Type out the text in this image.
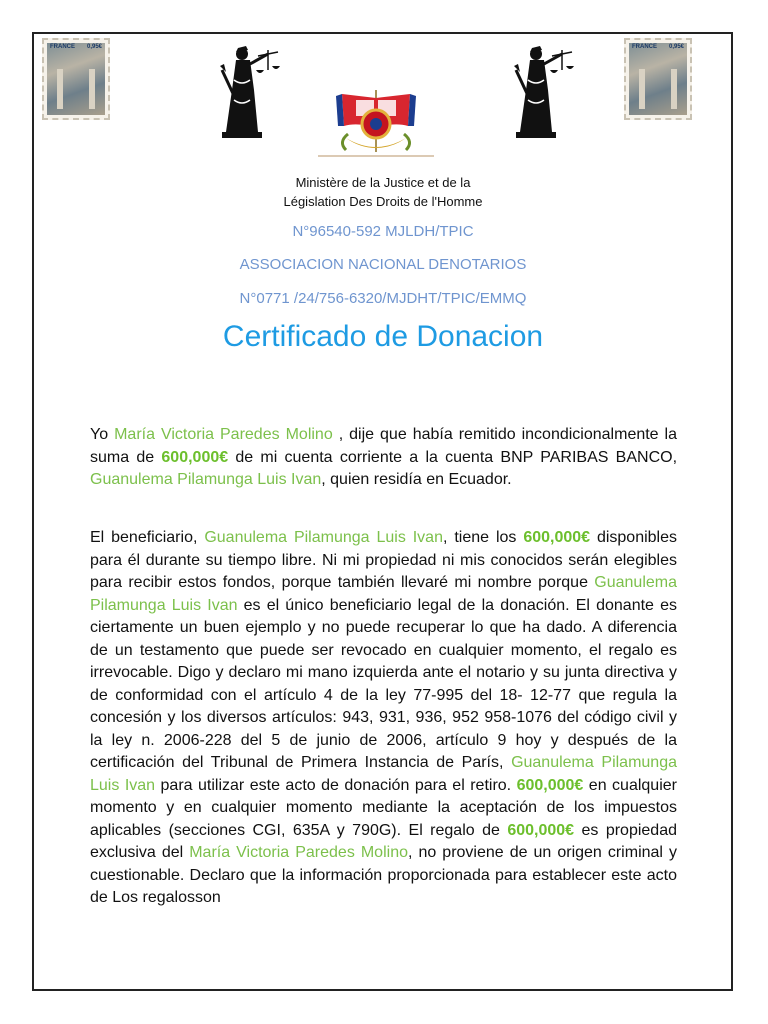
FRANCE 0,95€	FRANCE 0,95€
Ministère de la Justice et de la
Législation Des Droits de l'Homme
N°96540-592 MJLDH/TPIC
ASSOCIACION NACIONAL DENOTARIOS
N°0771 /24/756-6320/MJDHT/TPIC/EMMQ
Certificado de Donacion
Yo María Victoria Paredes Molino , dije que había remitido incondicionalmente la suma de 600,000€ de mi cuenta corriente a la cuenta BNP PARIBAS BANCO, Guanulema Pilamunga Luis Ivan, quien residía en Ecuador.
El beneficiario, Guanulema Pilamunga Luis Ivan, tiene los 600,000€ disponibles para él durante su tiempo libre. Ni mi propiedad ni mis conocidos serán elegibles para recibir estos fondos, porque también llevaré mi nombre porque Guanulema Pilamunga Luis Ivan es el único beneficiario legal de la donación. El donante es ciertamente un buen ejemplo y no puede recuperar lo que ha dado. A diferencia de un testamento que puede ser revocado en cualquier momento, el regalo es irrevocable. Digo y declaro mi mano izquierda ante el notario y su junta directiva y de conformidad con el artículo 4 de la ley 77-995 del 18- 12-77 que regula la concesión y los diversos artículos: 943, 931, 936, 952 958-1076 del código civil y la ley n. 2006-228 del 5 de junio de 2006, artículo 9 hoy y después de la certificación del Tribunal de Primera Instancia de París, Guanulema Pilamunga Luis Ivan para utilizar este acto de donación para el retiro. 600,000€ en cualquier momento y en cualquier momento mediante la aceptación de los impuestos aplicables (secciones CGI, 635A y 790G). El regalo de 600,000€ es propiedad exclusiva del María Victoria Paredes Molino, no proviene de un origen criminal y cuestionable. Declaro que la información proporcionada para establecer este acto de Los regalosson
